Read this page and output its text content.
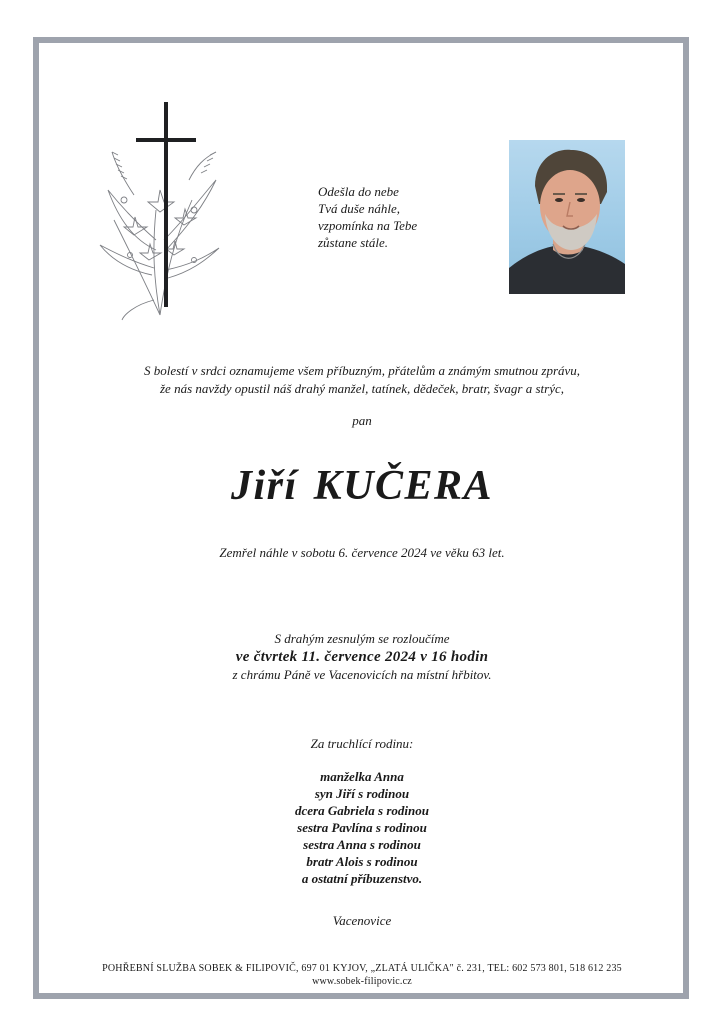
Odešla do nebe
Tvá duše náhle,
vzpomínka na Tebe
zůstane stále.
S bolestí v srdci oznamujeme všem příbuzným, přátelům a známým smutnou zprávu,
že nás navždy opustil náš drahý manžel, tatínek, dědeček, bratr, švagr a strýc,
pan
Jiří KUČERA
Zemřel náhle v sobotu 6. července 2024 ve věku 63 let.
S drahým zesnulým se rozloučíme
ve čtvrtek 11. července 2024 v 16 hodin
z chrámu Páně ve Vacenovicích na místní hřbitov.
Za truchlící rodinu:
manželka Anna
syn Jiří s rodinou
dcera Gabriela s rodinou
sestra Pavlína s rodinou
sestra Anna s rodinou
bratr Alois s rodinou
a ostatní příbuzenstvo.
Vacenovice
POHŘEBNÍ SLUŽBA SOBEK & FILIPOVIČ, 697 01 KYJOV, „ZLATÁ ULIČKA" č. 231, TEL: 602 573 801, 518 612 235
www.sobek-filipovic.cz
